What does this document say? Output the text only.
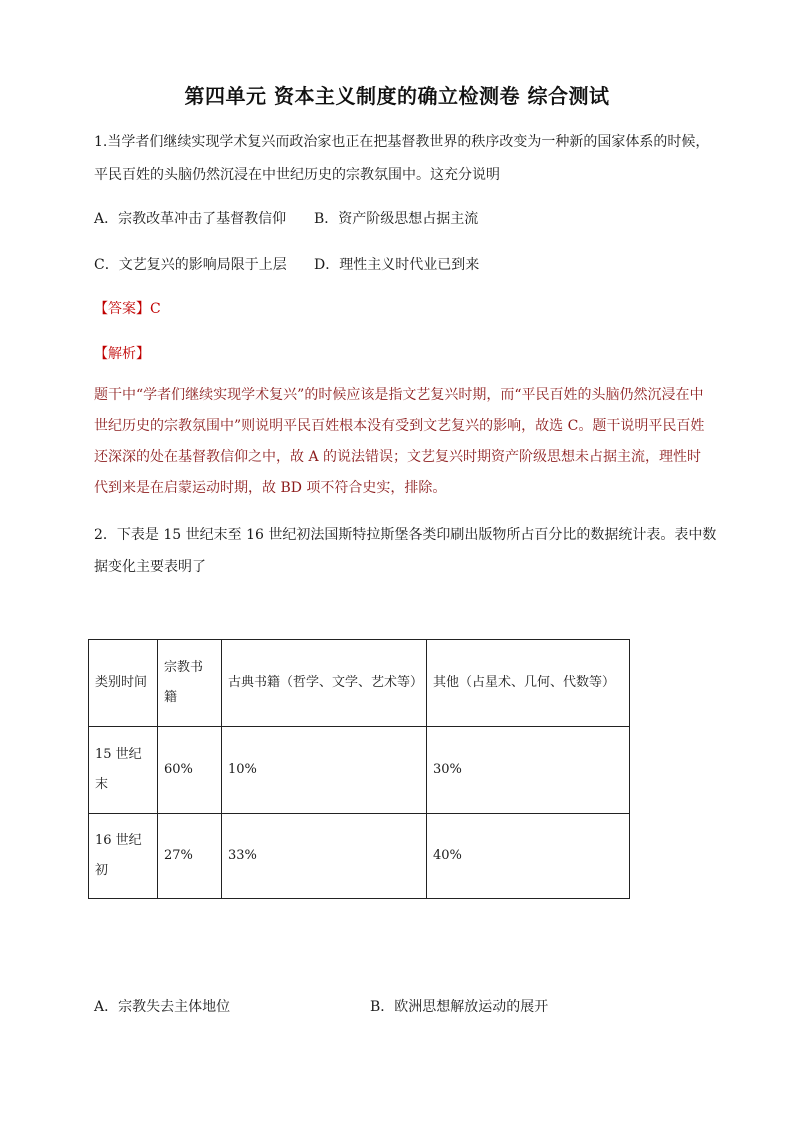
第四单元 资本主义制度的确立检测卷 综合测试
1.当学者们继续实现学术复兴而政治家也正在把基督教世界的秩序改变为一种新的国家体系的时候，
平民百姓的头脑仍然沉浸在中世纪历史的宗教氛围中。这充分说明
A．宗教改革冲击了基督教信仰 B．资产阶级思想占据主流
C．文艺复兴的影响局限于上层 D．理性主义时代业已到来
【答案】C
【解析】
题干中“学者们继续实现学术复兴”的时候应该是指文艺复兴时期，而“平民百姓的头脑仍然沉浸在中
世纪历史的宗教氛围中”则说明平民百姓根本没有受到文艺复兴的影响，故选 C。题干说明平民百姓
还深深的处在基督教信仰之中，故 A 的说法错误；文艺复兴时期资产阶级思想未占据主流，理性时
代到来是在启蒙运动时期，故 BD 项不符合史实，排除。
2．下表是 15 世纪末至 16 世纪初法国斯特拉斯堡各类印刷出版物所占百分比的数据统计表。表中数
据变化主要表明了
类别时间	宗教书籍	古典书籍（哲学、文学、艺术等）	其他（占星术、几何、代数等）
15 世纪末	60%	10%	30%
16 世纪初	27%	33%	40%
A．宗教失去主体地位	B．欧洲思想解放运动的展开
